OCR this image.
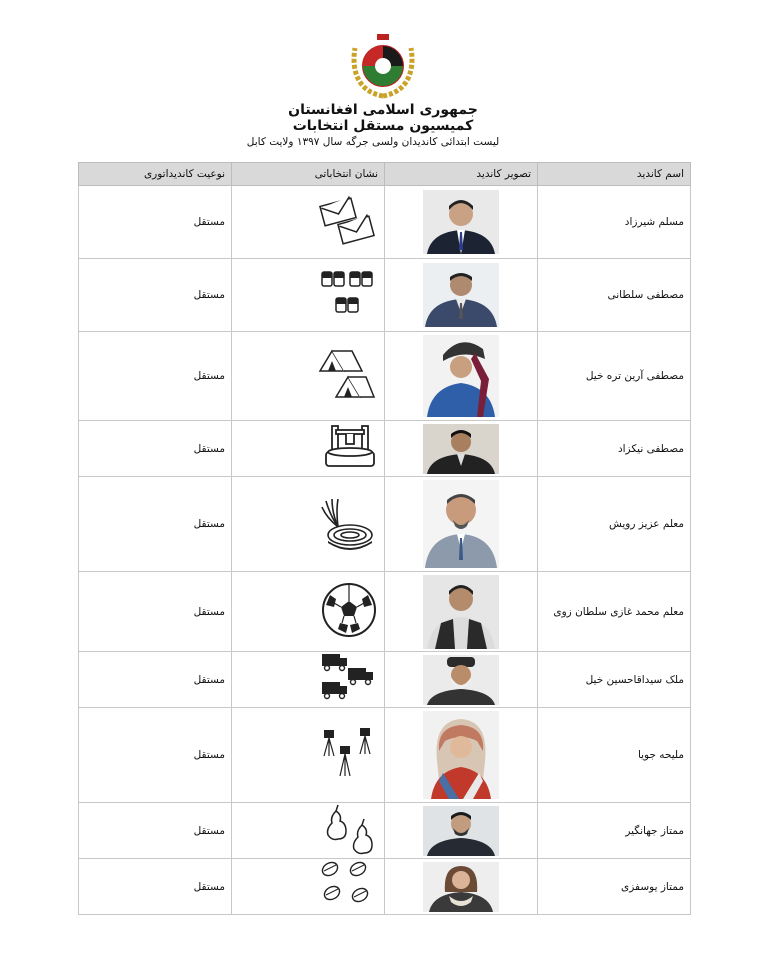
جمهوری اسلامی افغانستان
کمیسیون مستقل انتخابات
لیست ابتدائی کاندیدان ولسی جرگه سال ۱۳۹۷ ولایت کابل
اسم کاندید	تصویر کاندید	نشان انتخاباتی	نوعیت کاندیداتوری
مسلم شیرزاد			مستقل
مصطفی سلطانی			مستقل
مصطفی آرین تره خیل			مستقل
مصطفی نیکزاد			مستقل
معلم عزیز رویش			مستقل
معلم محمد غازی سلطان زوی			مستقل
ملک سیداقاحسین خیل			مستقل
ملیحه جویا			مستقل
ممتاز جهانگیر			مستقل
ممتاز یوسفزی			مستقل
